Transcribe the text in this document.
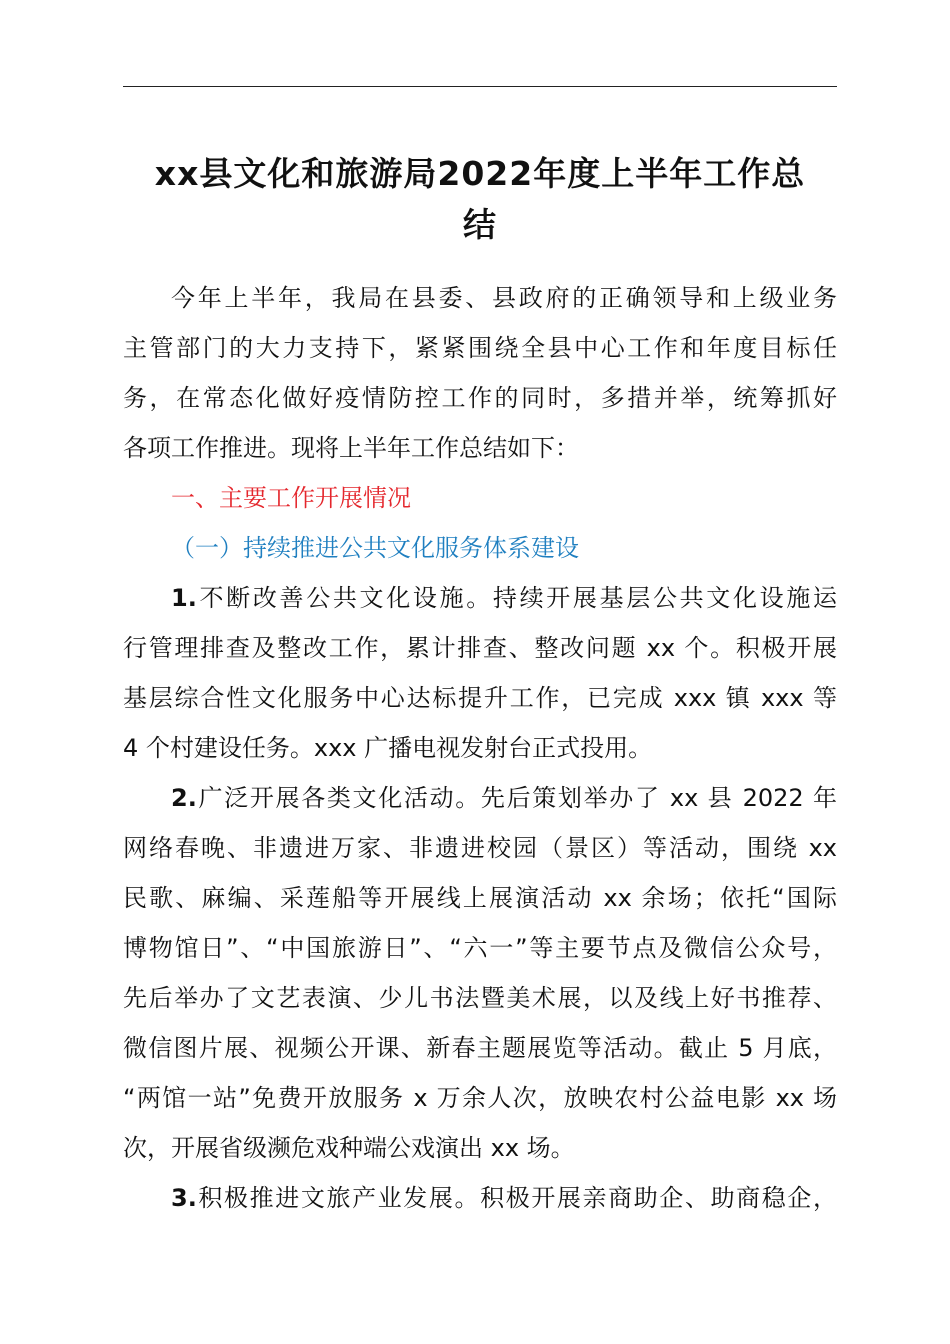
xx县文化和旅游局2022年度上半年工作总
结
今年上半年，我局在县委、县政府的正确领导和上级业务
主管部门的大力支持下，紧紧围绕全县中心工作和年度目标任
务，在常态化做好疫情防控工作的同时，多措并举，统筹抓好
各项工作推进。现将上半年工作总结如下：
一、主要工作开展情况
（一）持续推进公共文化服务体系建设
1.不断改善公共文化设施。持续开展基层公共文化设施运
行管理排查及整改工作，累计排查、整改问题 xx 个。积极开展
基层综合性文化服务中心达标提升工作，已完成 xxx 镇 xxx 等
4 个村建设任务。xxx 广播电视发射台正式投用。
2.广泛开展各类文化活动。先后策划举办了 xx 县 2022 年
网络春晚、非遗进万家、非遗进校园（景区）等活动，围绕 xx
民歌、麻编、采莲船等开展线上展演活动 xx 余场；依托“国际
博物馆日”、“中国旅游日”、“六一”等主要节点及微信公众号，
先后举办了文艺表演、少儿书法暨美术展，以及线上好书推荐、
微信图片展、视频公开课、新春主题展览等活动。截止 5 月底，
“两馆一站”免费开放服务 x 万余人次，放映农村公益电影 xx 场
次，开展省级濒危戏种端公戏演出 xx 场。
3.积极推进文旅产业发展。积极开展亲商助企、助商稳企，
